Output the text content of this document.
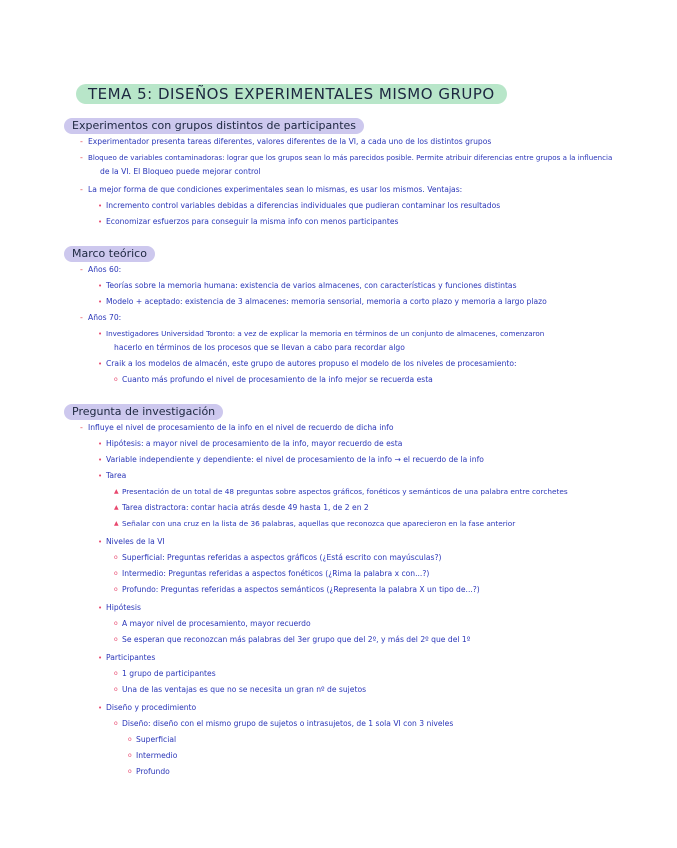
TEMA 5: DISEÑOS EXPERIMENTALES MISMO GRUPO
Experimentos con grupos distintos de participantes
- Experimentador presenta tareas diferentes, valores diferentes de la VI, a cada uno de los distintos grupos
- Bloqueo de variables contaminadoras: lograr que los grupos sean lo más parecidos posible. Permite atribuir diferencias entre grupos a la influencia
de la VI. El Bloqueo puede mejorar control
- La mejor forma de que condiciones experimentales sean lo mismas, es usar los mismos. Ventajas:
• Incremento control variables debidas a diferencias individuales que pudieran contaminar los resultados
• Economizar esfuerzos para conseguir la misma info con menos participantes
Marco teórico
- Años 60:
• Teorías sobre la memoria humana: existencia de varios almacenes, con características y funciones distintas
• Modelo + aceptado: existencia de 3 almacenes: memoria sensorial, memoria a corto plazo y memoria a largo plazo
- Años 70:
• Investigadores Universidad Toronto: a vez de explicar la memoria en términos de un conjunto de almacenes, comenzaron
hacerlo en términos de los procesos que se llevan a cabo para recordar algo
• Craik a los modelos de almacén, este grupo de autores propuso el modelo de los niveles de procesamiento:
o Cuanto más profundo el nivel de procesamiento de la info mejor se recuerda esta
Pregunta de investigación
- Influye el nivel de procesamiento de la info en el nivel de recuerdo de dicha info
• Hipótesis: a mayor nivel de procesamiento de la info, mayor recuerdo de esta
• Variable independiente y dependiente: el nivel de procesamiento de la info → el recuerdo de la info
• Tarea
▲ Presentación de un total de 48 preguntas sobre aspectos gráficos, fonéticos y semánticos de una palabra entre corchetes
▲ Tarea distractora: contar hacia atrás desde 49 hasta 1, de 2 en 2
▲ Señalar con una cruz en la lista de 36 palabras, aquellas que reconozca que aparecieron en la fase anterior
• Niveles de la VI
o Superficial: Preguntas referidas a aspectos gráficos (¿Está escrito con mayúsculas?)
o Intermedio: Preguntas referidas a aspectos fonéticos (¿Rima la palabra x con...?)
o Profundo: Preguntas referidas a aspectos semánticos (¿Representa la palabra X un tipo de...?)
• Hipótesis
o A mayor nivel de procesamiento, mayor recuerdo
o Se esperan que reconozcan más palabras del 3er grupo que del 2º, y más del 2º que del 1º
• Participantes
o 1 grupo de participantes
o Una de las ventajas es que no se necesita un gran nº de sujetos
• Diseño y procedimiento
o Diseño: diseño con el mismo grupo de sujetos o intrasujetos, de 1 sola VI con 3 niveles
o Superficial
o Intermedio
o Profundo
